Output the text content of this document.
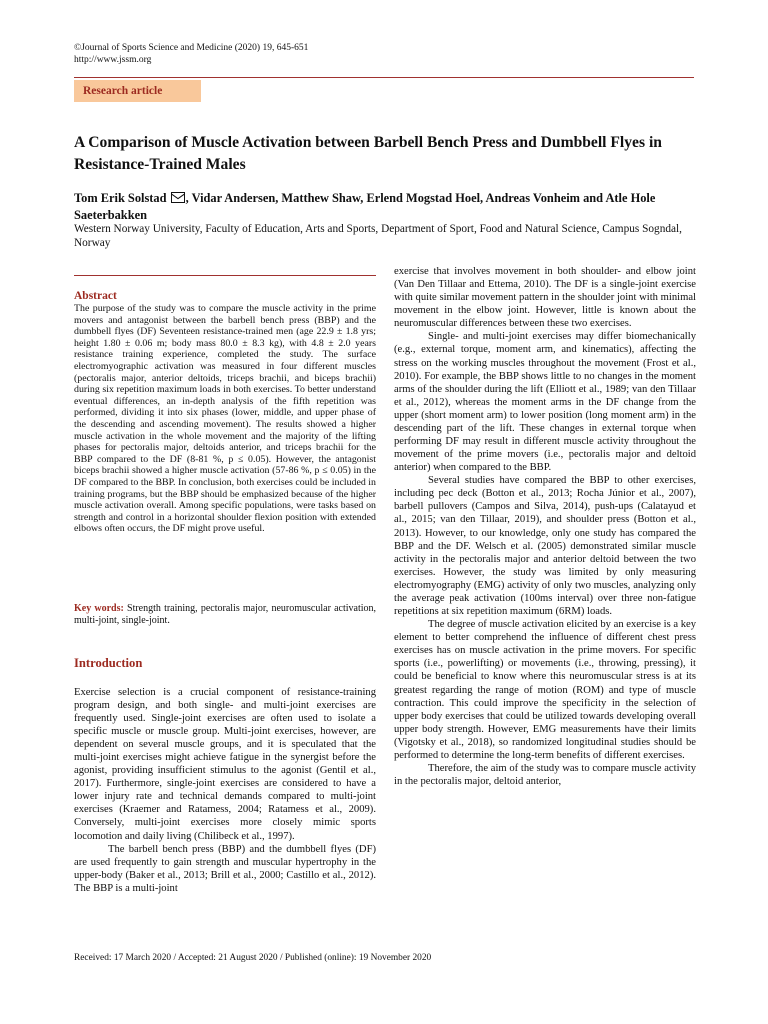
©Journal of Sports Science and Medicine (2020) 19, 645-651
http://www.jssm.org
Research article
A Comparison of Muscle Activation between Barbell Bench Press and Dumbbell Flyes in Resistance-Trained Males
Tom Erik Solstad , Vidar Andersen, Matthew Shaw, Erlend Mogstad Hoel, Andreas Vonheim and Atle Hole Saeterbakken
Western Norway University, Faculty of Education, Arts and Sports, Department of Sport, Food and Natural Science, Campus Sogndal, Norway
Abstract
The purpose of the study was to compare the muscle activity in the prime movers and antagonist between the barbell bench press (BBP) and the dumbbell flyes (DF) Seventeen resistance-trained men (age 22.9 ± 1.8 yrs; height 1.80 ± 0.06 m; body mass 80.0 ± 8.3 kg), with 4.8 ± 2.0 years resistance training experience, completed the study. The surface electromyographic activation was measured in four different muscles (pectoralis major, anterior deltoids, triceps brachii, and biceps brachii) during six repetition maximum loads in both exercises. To better understand eventual differences, an in-depth analysis of the fifth repetition was performed, dividing it into six phases (lower, middle, and upper phase of the descending and ascending movement). The results showed a higher muscle activation in the whole movement and the majority of the lifting phases for pectoralis major, deltoids anterior, and triceps brachii for the BBP compared to the DF (8-81 %, p ≤ 0.05). However, the antagonist biceps brachii showed a higher muscle activation (57-86 %, p ≤ 0.05) in the DF compared to the BBP. In conclusion, both exercises could be included in training programs, but the BBP should be emphasized because of the higher muscle activation overall. Among specific populations, were tasks based on strength and control in a horizontal shoulder flexion position with extended elbows often occurs, the DF might prove useful.
Key words: Strength training, pectoralis major, neuromuscular activation, multi-joint, single-joint.
Introduction

Exercise selection is a crucial component of resistance-training program design, and both single- and multi-joint exercises are frequently used. Single-joint exercises are often used to isolate a specific muscle or muscle group. Multi-joint exercises, however, are dependent on several muscle groups, and it is speculated that the multi-joint exercises might achieve fatigue in the synergist before the agonist, providing insufficient stimulus to the agonist (Gentil et al., 2017). Furthermore, single-joint exercises are considered to have a lower injury rate and technical demands compared to multi-joint exercises (Kraemer and Ratamess, 2004; Ratamess et al., 2009). Conversely, multi-joint exercises more closely mimic sports locomotion and daily living (Chilibeck et al., 1997).

The barbell bench press (BBP) and the dumbbell flyes (DF) are used frequently to gain strength and muscular hypertrophy in the upper-body (Baker et al., 2013; Brill et al., 2000; Castillo et al., 2012). The BBP is a multi-joint

exercise that involves movement in both shoulder- and elbow joint (Van Den Tillaar and Ettema, 2010). The DF is a single-joint exercise with quite similar movement pattern in the shoulder joint with minimal movement in the elbow joint. However, little is known about the neuromuscular differences between these two exercises.

Single- and multi-joint exercises may differ biomechanically (e.g., external torque, moment arm, and kinematics), affecting the stress on the working muscles throughout the movement (Frost et al., 2010). For example, the BBP shows little to no changes in the moment arms of the shoulder during the lift (Elliott et al., 1989; van den Tillaar et al., 2012), whereas the moment arms in the DF change from the upper (short moment arm) to lower position (long moment arm) in the descending part of the lift. These changes in external torque when performing DF may result in different muscle activity throughout the movement of the prime movers (i.e., pectoralis major and deltoid anterior) when compared to the BBP.

Several studies have compared the BBP to other exercises, including pec deck (Botton et al., 2013; Rocha Júnior et al., 2007), barbell pullovers (Campos and Silva, 2014), push-ups (Calatayud et al., 2015; van den Tillaar, 2019), and shoulder press (Botton et al., 2013). However, to our knowledge, only one study has compared the BBP and the DF. Welsch et al. (2005) demonstrated similar muscle activity in the pectoralis major and anterior deltoid between the two exercises. However, the study was limited by only measuring electromyography (EMG) activity of only two muscles, analyzing only the average peak activation (100ms interval) over three non-fatigue repetitions at six repetition maximum (6RM) loads.

The degree of muscle activation elicited by an exercise is a key element to better comprehend the influence of different chest press exercises has on muscle activation in the prime movers. For specific sports (i.e., powerlifting) or movements (i.e., throwing, pressing), it could be beneficial to know where this neuromuscular stress is at its greatest regarding the range of motion (ROM) and type of muscle contraction. This could improve the specificity in the selection of upper body exercises that could be utilized towards developing overall upper body strength. However, EMG measurements have their limits (Vigotsky et al., 2018), so randomized longitudinal studies should be performed to determine the long-term benefits of different exercises.

Therefore, the aim of the study was to compare muscle activity in the pectoralis major, deltoid anterior,

Received: 17 March 2020 / Accepted: 21 August 2020 / Published (online): 19 November 2020
